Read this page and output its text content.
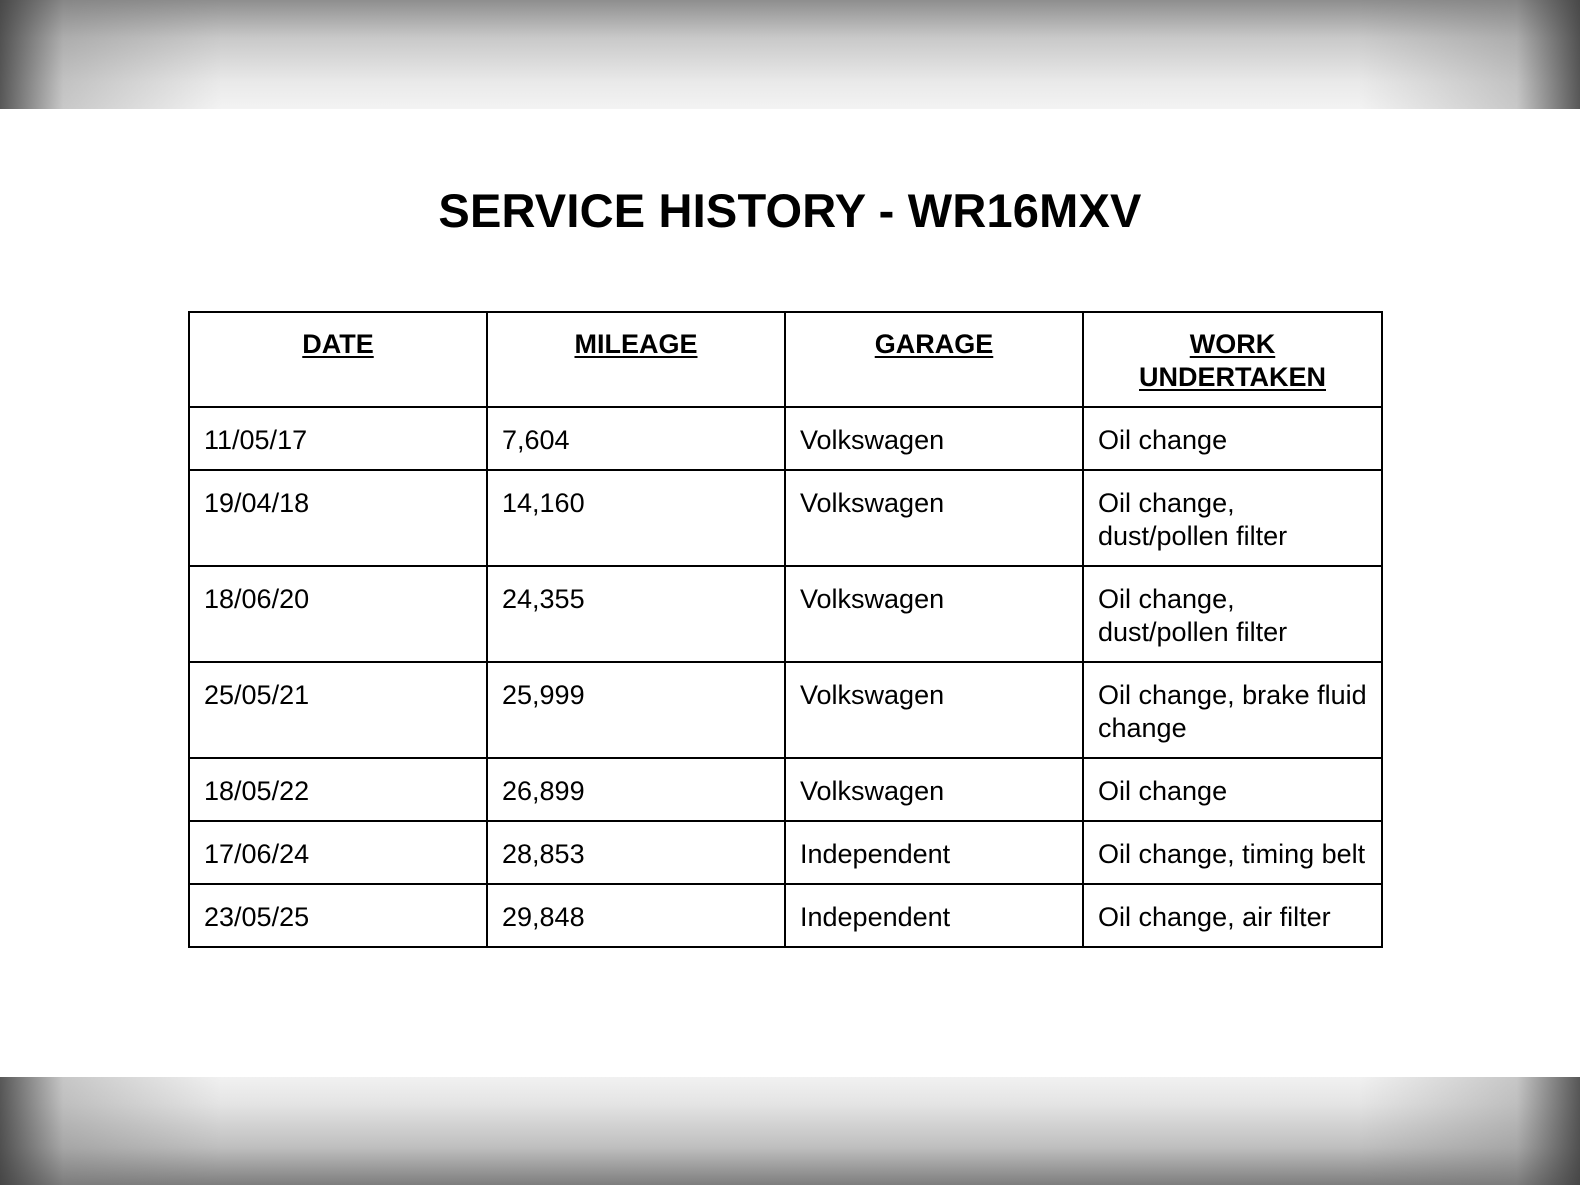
SERVICE HISTORY - WR16MXV
DATE	MILEAGE	GARAGE	WORK UNDERTAKEN
11/05/17	7,604	Volkswagen	Oil change
19/04/18	14,160	Volkswagen	Oil change, dust/pollen filter
18/06/20	24,355	Volkswagen	Oil change, dust/pollen filter
25/05/21	25,999	Volkswagen	Oil change, brake fluid change
18/05/22	26,899	Volkswagen	Oil change
17/06/24	28,853	Independent	Oil change, timing belt
23/05/25	29,848	Independent	Oil change, air filter
